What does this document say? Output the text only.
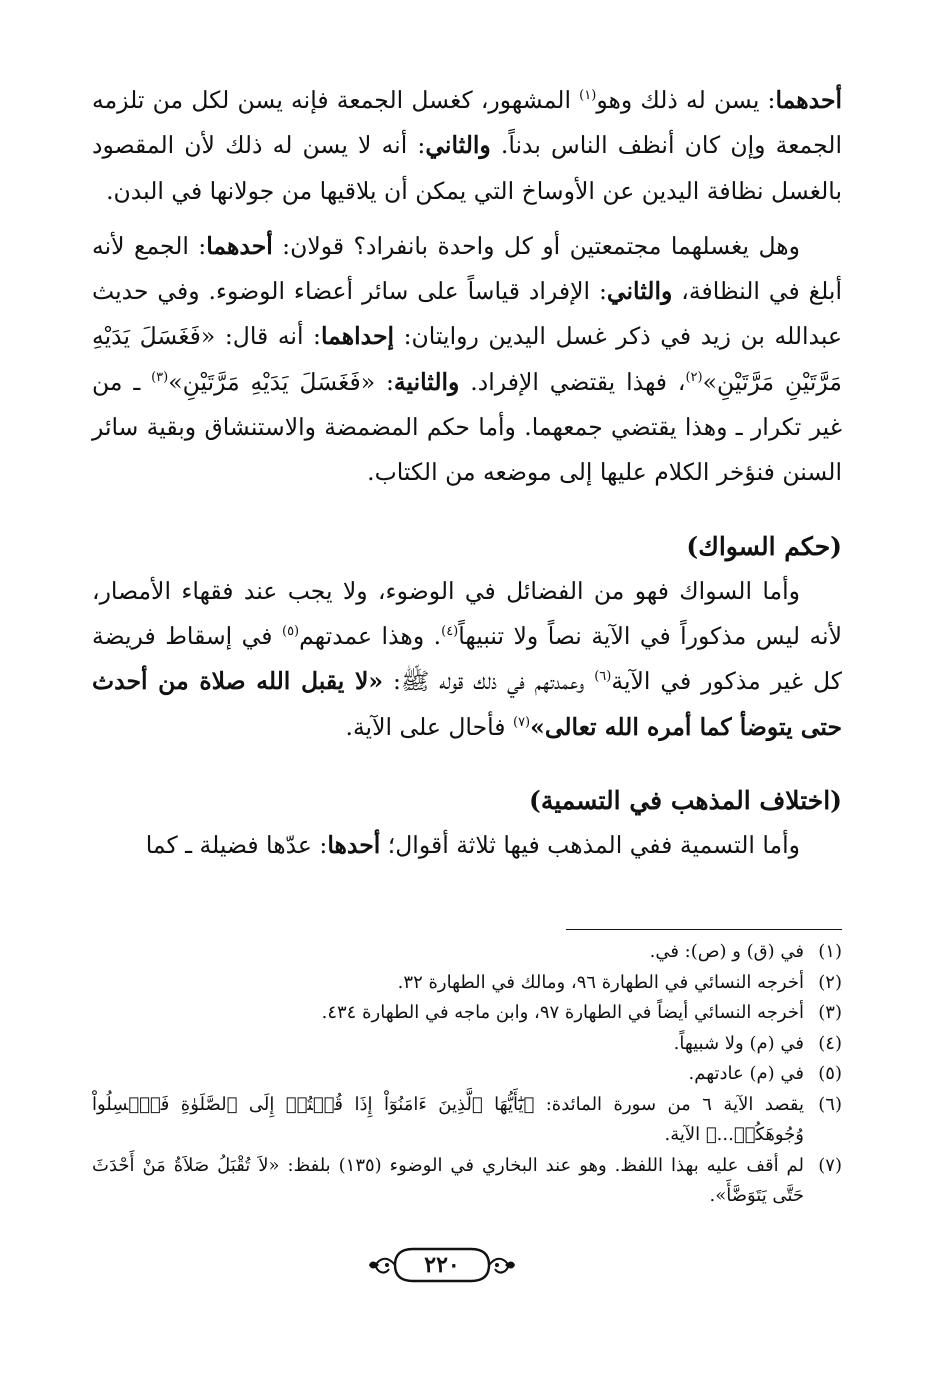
أحدهما: يسن له ذلك وهو$^{(١)}$ المشهور، كغسل الجمعة فإنه يسن لكل من تلزمه الجمعة وإن كان أنظف الناس بدناً. والثاني: أنه لا يسن له ذلك لأن المقصود بالغسل نظافة اليدين عن الأوساخ التي يمكن أن يلاقيها من جولانها في البدن.

وهل يغسلهما مجتمعتين أو كل واحدة بانفراد؟ قولان: أحدهما: الجمع لأنه أبلغ في النظافة، والثاني: الإفراد قياساً على سائر أعضاء الوضوء. وفي حديث عبدالله بن زيد في ذكر غسل اليدين روايتان: إحداهما: أنه قال: «فَغَسَلَ يَدَيْهِ مَرَّتَيْنِ مَرَّتَيْنِ»$^{(٢)}$، فهذا يقتضي الإفراد. والثانية: «فَغَسَلَ يَدَيْهِ مَرَّتَيْنِ»$^{(٣)}$ ـ من غير تكرار ـ وهذا يقتضي جمعهما. وأما حكم المضمضة والاستنشاق وبقية سائر السنن فنؤخر الكلام عليها إلى موضعه من الكتاب.

(حكم السواك)

وأما السواك فهو من الفضائل في الوضوء، ولا يجب عند فقهاء الأمصار، لأنه ليس مذكوراً في الآية نصاً ولا تنبيهاً$^{(٤)}$. وهذا عمدتهم$^{(٥)}$ في إسقاط فريضة كل غير مذكور في الآية$^{(٦)}$ وعمدتهم في ذلك قوله ﷺ: «لا يقبل الله صلاة من أحدث حتى يتوضأ كما أمره الله تعالى»$^{(٧)}$ فأحال على الآية.

(اختلاف المذهب في التسمية)

وأما التسمية ففي المذهب فيها ثلاثة أقوال؛ أحدها: عدّها فضيلة ـ كما

(١)
في (ق) و (ص): في.
(٢)
أخرجه النسائي في الطهارة ٩٦، ومالك في الطهارة ٣٢.
(٣)
أخرجه النسائي أيضاً في الطهارة ٩٧، وابن ماجه في الطهارة ٤٣٤.
(٤)
في (م) ولا شبيهاً.
(٥)
في (م) عادتهم.
(٦)
يقصد الآية ٦ من سورة المائدة: ﴿يَٰٓأَيُّهَا ٱلَّذِينَ ءَامَنُوٓاْ إِذَا قُمۡتُمۡ إِلَى ٱلصَّلَوٰةِ فَٱغۡسِلُواْ وُجُوهَكُمۡ...﴾ الآية.
(٧)
لم أقف عليه بهذا اللفظ. وهو عند البخاري في الوضوء (١٣٥) بلفظ: «لاَ تُقْبَلُ صَلاَةُ مَنْ أَحْدَثَ حَتَّى يَتَوَضَّأَ».
٢٢٠
